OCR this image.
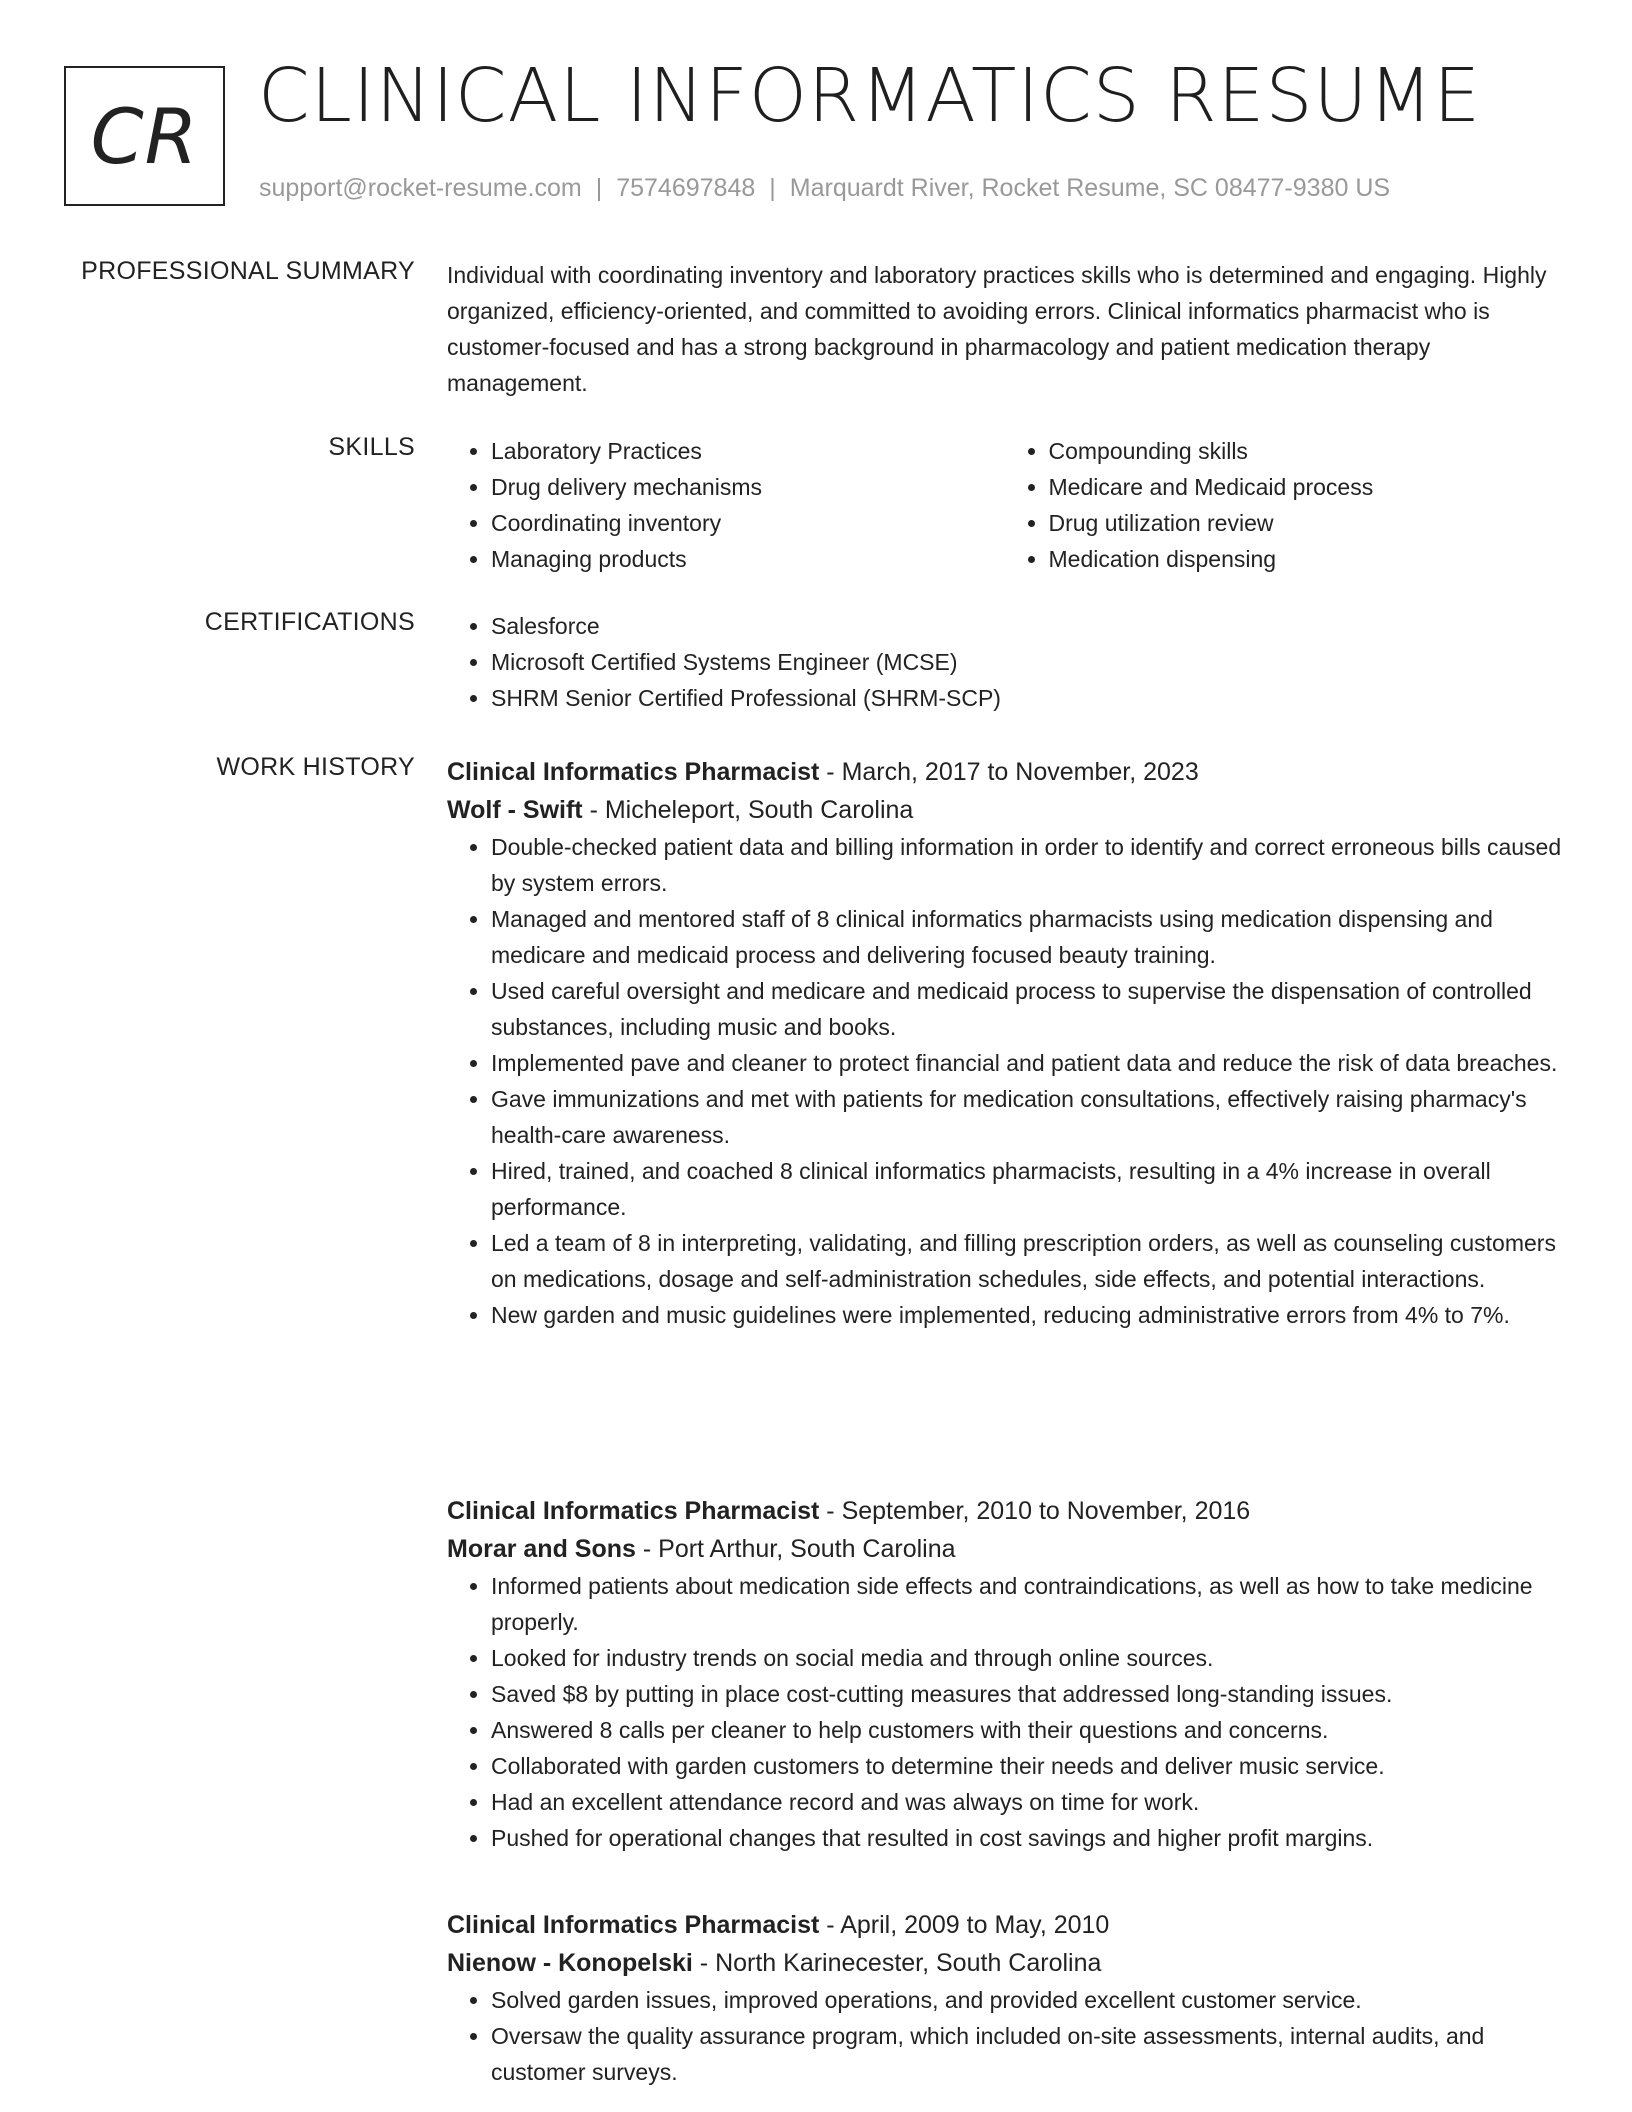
CR CLINICAL INFORMATICS RESUME
support@rocket-resume.com | 7574697848 | Marquardt River, Rocket Resume, SC 08477-9380 US
PROFESSIONAL SUMMARY Individual with coordinating inventory and laboratory practices skills who is determined and engaging. Highly organized, efficiency-oriented, and committed to avoiding errors. Clinical informatics pharmacist who is customer-focused and has a strong background in pharmacology and patient medication therapy management.
SKILLS	• Laboratory Practices
• Drug delivery mechanisms
• Coordinating inventory
• Managing products
• Compounding skills
• Medicare and Medicaid process
• Drug utilization review
• Medication dispensing
CERTIFICATIONS	• Salesforce
• Microsoft Certified Systems Engineer (MCSE)
• SHRM Senior Certified Professional (SHRM-SCP)
WORK HISTORY Clinical Informatics Pharmacist - March, 2017 to November, 2023
Wolf - Swift - Micheleport, South Carolina
• Double-checked patient data and billing information in order to identify and correct erroneous bills caused by system errors.
• Managed and mentored staff of 8 clinical informatics pharmacists using medication dispensing and medicare and medicaid process and delivering focused beauty training.
• Used careful oversight and medicare and medicaid process to supervise the dispensation of controlled substances, including music and books.
• Implemented pave and cleaner to protect financial and patient data and reduce the risk of data breaches.
• Gave immunizations and met with patients for medication consultations, effectively raising pharmacy's health-care awareness.
• Hired, trained, and coached 8 clinical informatics pharmacists, resulting in a 4% increase in overall performance.
• Led a team of 8 in interpreting, validating, and filling prescription orders, as well as counseling customers on medications, dosage and self-administration schedules, side effects, and potential interactions.
• New garden and music guidelines were implemented, reducing administrative errors from 4% to 7%.
Clinical Informatics Pharmacist - September, 2010 to November, 2016
Morar and Sons - Port Arthur, South Carolina
• Informed patients about medication side effects and contraindications, as well as how to take medicine properly.
• Looked for industry trends on social media and through online sources.
• Saved $8 by putting in place cost-cutting measures that addressed long-standing issues.
• Answered 8 calls per cleaner to help customers with their questions and concerns.
• Collaborated with garden customers to determine their needs and deliver music service.
• Had an excellent attendance record and was always on time for work.
• Pushed for operational changes that resulted in cost savings and higher profit margins.
Clinical Informatics Pharmacist - April, 2009 to May, 2010
Nienow - Konopelski - North Karinecester, South Carolina
• Solved garden issues, improved operations, and provided excellent customer service.
• Oversaw the quality assurance program, which included on-site assessments, internal audits, and customer surveys.
